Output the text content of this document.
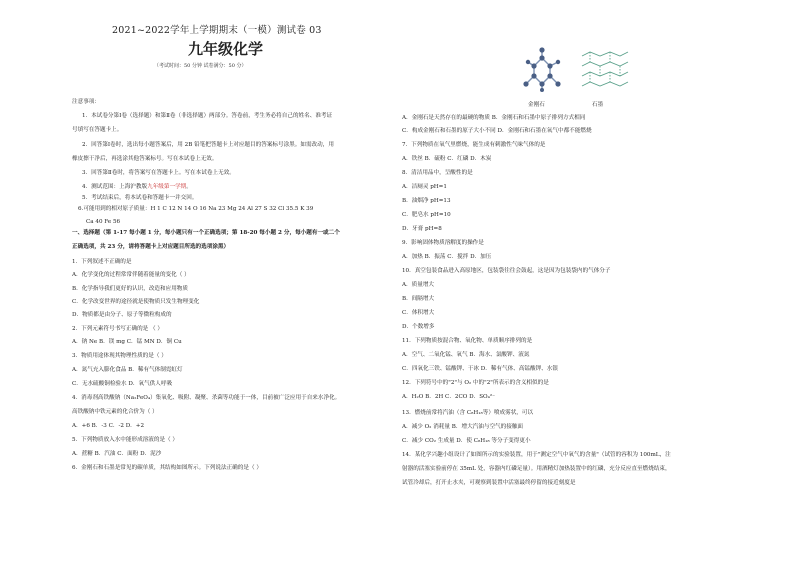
2021~2022学年上学期期末（一模）测试卷 03
九年级化学
（考试时间：50 分钟 试卷满分：50 分）
金刚石	石墨
注意事项：
1．本试卷分第Ⅰ卷（选择题）和第Ⅱ卷（非选择题）两部分。答卷前，考生务必将自己的姓名、准考证
号填写在答题卡上。
2．回答第Ⅰ卷时，选出每小题答案后，用 2B 铅笔把答题卡上对应题目的答案标号涂黑。如需改动，用
橡皮擦干净后，再选涂其他答案标号。写在本试卷上无效。
3．回答第Ⅱ卷时，将答案写在答题卡上。写在本试卷上无效。
4．测试范围：上海沪教版九年级第一学期。
5．考试结束后，将本试卷和答题卡一并交回。
6.可能用到的相对原子质量：H 1 C 12 N 14 O 16 Na 23 Mg 24 Al 27 S 32 Cl 35.5 K 39
Ca 40 Fe 56
一、选择题（第 1-17 每小题 1 分，每小题只有一个正确选项；第 18-20 每小题 2 分，每小题有一或二个
正确选项，共 23 分，请将答题卡上对应题目所选的选项涂黑）
1．下列叙述不正确的是
A．化学变化的过程常常伴随着能量的变化（ ）
B．化学指导我们更好的认识，改造和应用物质
C．化学改变世界的途径就是使物质只发生物理变化
D．物质都是由分子、原子等微粒构成的
2．下列元素符号书写正确的是 （ ）
A．钠 Ne B．镁 mg C．锰 MN D．铜 Cu
3．物质用途体现其物理性质的是（ ）
A．氮气充入膨化食品 B．稀有气体制霓虹灯
C．无水硫酸铜检验水 D．氧气供人呼吸
4．消毒剂高铁酸钠（Na₂FeO₄）集氧化、吸附、凝聚、杀菌等功能于一体，目前被广泛应用于自来水净化。
高铁酸钠中铁元素的化合价为（ ）
A．+6 B．-3 C．-2 D．+2
5．下列物质放入水中能形成溶液的是（ ）
A．蔗糖 B．汽油 C．面粉 D．泥沙
6．金刚石和石墨是常见的碳单质，其结构如图所示。下列说法正确的是（ ）
A．金刚石是天然存在的最硬的物质 B．金刚石和石墨中原子排列方式相同
C．构成金刚石和石墨的原子大小不同 D．金刚石和石墨在氧气中都不能燃烧
7．下列物质在氧气里燃烧，能生成有刺激性气味气体的是
A．铁丝 B．硫粉 C．红磷 D．木炭
8．清洁用品中，呈酸性的是
A．洁厕灵 pH=1
B．油烟净 pH=13
C．肥皂水 pH=10
D．牙膏 pH=8
9．影响固体物质溶解度的操作是
A．加热 B．振荡 C．搅拌 D．加压
10．真空包装食品进入高原地区，包装袋往往会鼓起，这是因为包装袋内的气体分子
A．质量增大
B．间隔增大
C．体积增大
D．个数增多
11．下列物质按混合物、氧化物、单质顺序排列的是
A．空气、二氧化锰、氧气 B．海水、氯酸钾、液氮
C．四氧化三铁、锰酸钾、干冰 D．稀有气体、高锰酸钾、水银
12．下列符号中的"2"与 O₂ 中的"2"所表示的含义相似的是
A．H₂O B．2H C．2CO D．SO₄²⁻
13．燃烧前常将汽油（含 C₈H₁₈等）喷成雾状，可以
A．减少 O₂ 消耗量 B．增大汽油与空气的接触面
C．减少 CO₂ 生成量 D．使 C₈H₁₈ 等分子变得更小
14．某化学兴趣小组设计了如图所示的实验装置，用于"测定空气中氧气的含量"（试管的容积为 100mL，注
射器的活塞实验前停在 35mL 处，容器内红磷足量）。用酒精灯加热装置中的红磷，充分反应直至燃烧结束，
试管冷却后，打开止水夹，可观察到装置中活塞最终停留的接近刻度是
